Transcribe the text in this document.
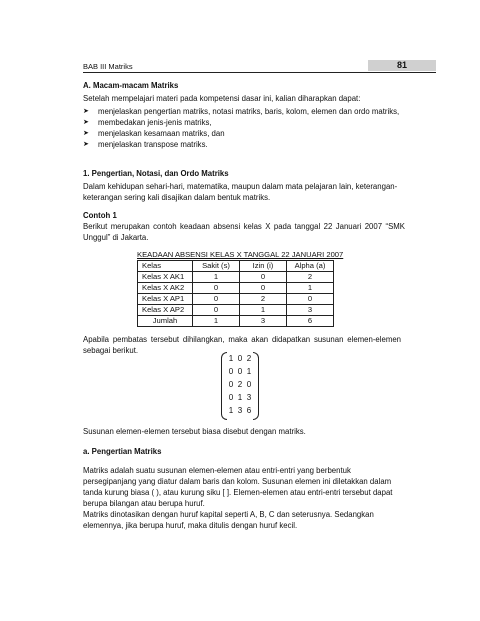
BAB III Matriks	81
A. Macam-macam Matriks
Setelah mempelajari materi pada kompetensi dasar ini, kalian diharapkan dapat:
➤ menjelaskan pengertian matriks, notasi matriks, baris, kolom, elemen dan ordo matriks,
➤ membedakan jenis-jenis matriks,
➤ menjelaskan kesamaan matriks, dan
➤ menjelaskan transpose matriks.
1. Pengertian, Notasi, dan Ordo Matriks
Dalam kehidupan sehari-hari, matematika, maupun dalam mata pelajaran lain, keterangan-keterangan sering kali disajikan dalam bentuk matriks.
Contoh 1
Berikut merupakan contoh keadaan absensi kelas X pada tanggal 22 Januari 2007 “SMK Unggul” di Jakarta.
KEADAAN ABSENSI KELAS X TANGGAL 22 JANUARI 2007
Kelas	Sakit (s)	Izin (i)	Alpha (a)
Kelas X AK1	1	0	2
Kelas X AK2	0	0	1
Kelas X AP1	0	2	0
Kelas X AP2	0	1	3
Jumlah	1	3	6
Apabila pembatas tersebut dihilangkan, maka akan didapatkan susunan elemen-elemen sebagai berikut.
1 0 2
0 0 1
0 2 0
0 1 3
1 3 6
Susunan elemen-elemen tersebut biasa disebut dengan matriks.
a. Pengertian Matriks
Matriks adalah suatu susunan elemen-elemen atau entri-entri yang berbentuk persegipanjang yang diatur dalam baris dan kolom. Susunan elemen ini diletakkan dalam tanda kurung biasa ( ), atau kurung siku [ ]. Elemen-elemen atau entri-entri tersebut dapat berupa bilangan atau berupa huruf.
Matriks dinotasikan dengan huruf kapital seperti A, B, C dan seterusnya. Sedangkan elemennya, jika berupa huruf, maka ditulis dengan huruf kecil.
